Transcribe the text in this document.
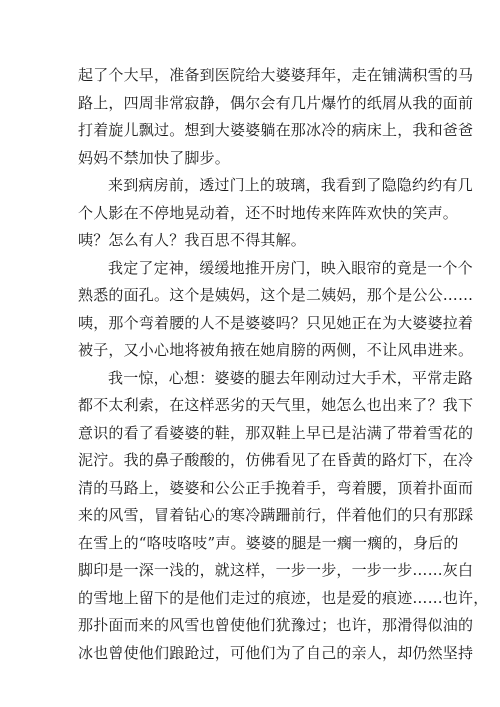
起了个大早，准备到医院给大婆婆拜年，走在铺满积雪的马
路上，四周非常寂静，偶尔会有几片爆竹的纸屑从我的面前
打着旋儿飘过。想到大婆婆躺在那冰冷的病床上，我和爸爸
妈妈不禁加快了脚步。
来到病房前，透过门上的玻璃，我看到了隐隐约约有几
个人影在不停地晃动着，还不时地传来阵阵欢快的笑声。
咦？怎么有人？我百思不得其解。
我定了定神，缓缓地推开房门，映入眼帘的竟是一个个
熟悉的面孔。这个是姨妈，这个是二姨妈，那个是公公……
咦，那个弯着腰的人不是婆婆吗？只见她正在为大婆婆拉着
被子，又小心地将被角掖在她肩膀的两侧，不让风串进来。
我一惊，心想：婆婆的腿去年刚动过大手术，平常走路
都不太利索，在这样恶劣的天气里，她怎么也出来了？我下
意识的看了看婆婆的鞋，那双鞋上早已是沾满了带着雪花的
泥泞。我的鼻子酸酸的，仿佛看见了在昏黄的路灯下，在冷
清的马路上，婆婆和公公正手挽着手，弯着腰，顶着扑面而
来的风雪，冒着钻心的寒冷蹒跚前行，伴着他们的只有那踩
在雪上的“咯吱咯吱”声。婆婆的腿是一瘸一瘸的，身后的
脚印是一深一浅的，就这样，一步一步，一步一步……灰白
的雪地上留下的是他们走过的痕迹，也是爱的痕迹……也许，
那扑面而来的风雪也曾使他们犹豫过；也许，那滑得似油的
冰也曾使他们踉跄过，可他们为了自己的亲人，却仍然坚持
